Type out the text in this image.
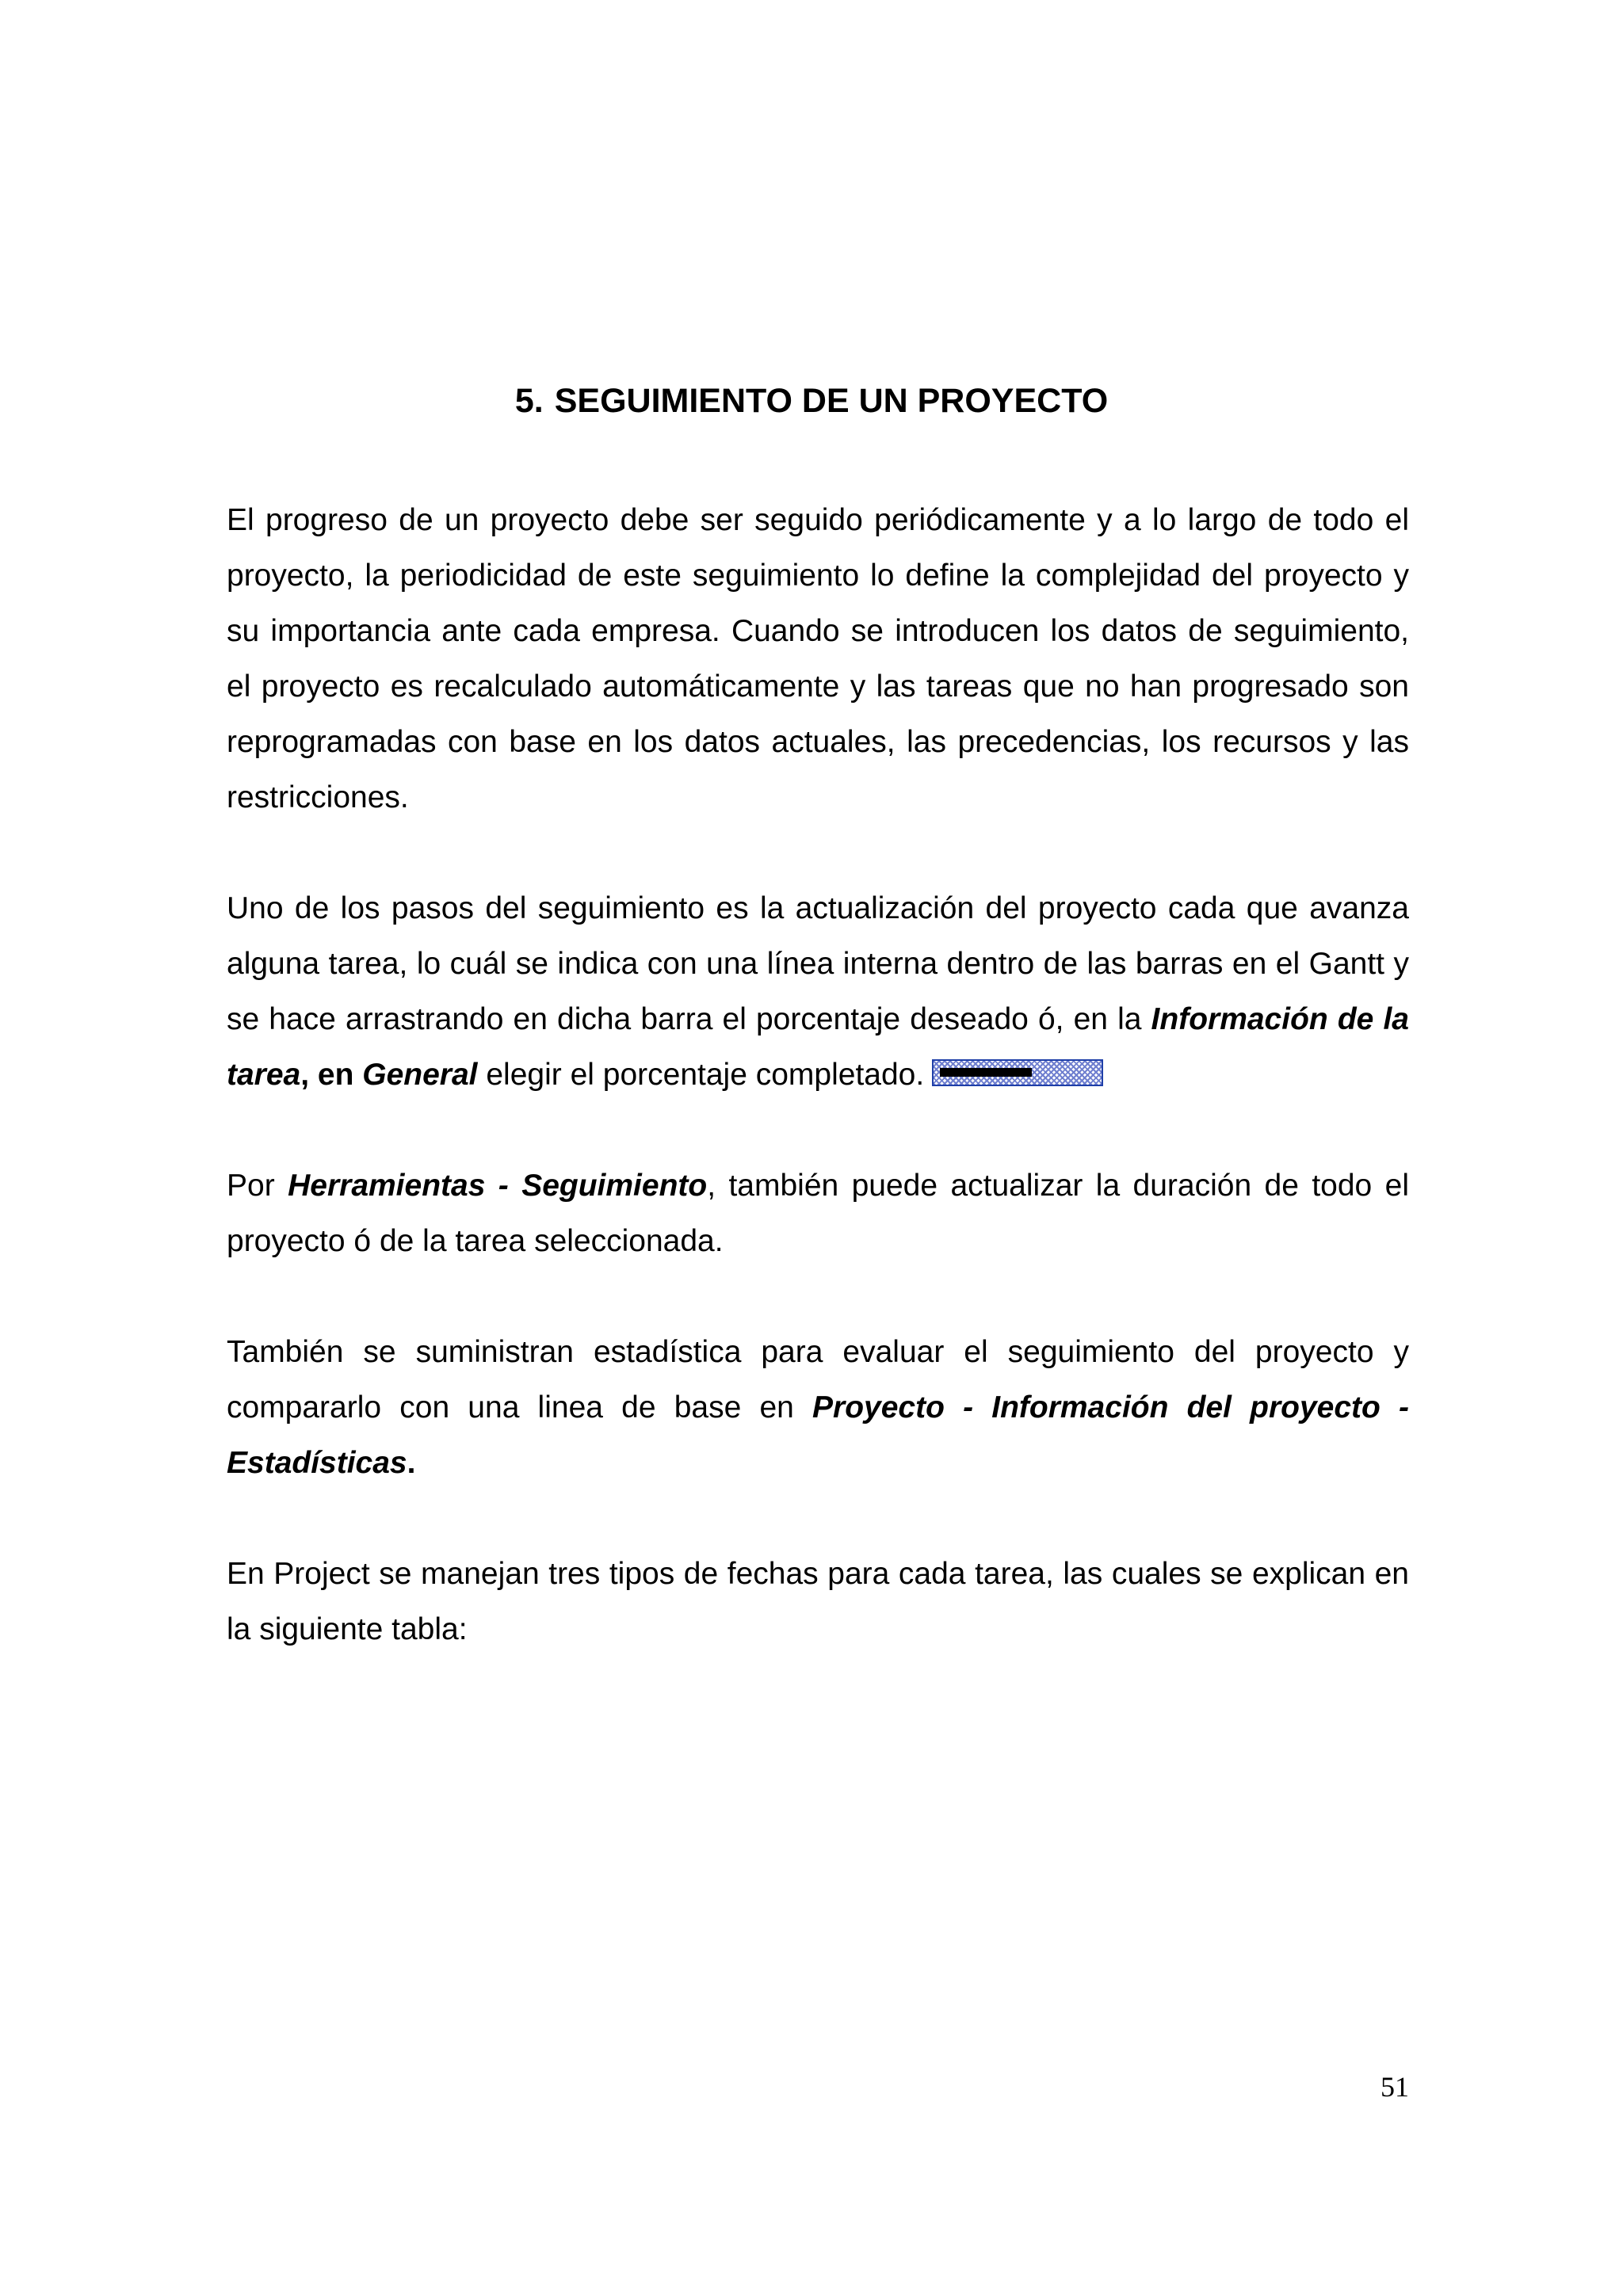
5. SEGUIMIENTO DE UN PROYECTO

El progreso de un proyecto debe ser seguido periódicamente y a lo largo de todo el proyecto, la periodicidad de este seguimiento lo define la complejidad del proyecto y su importancia ante cada empresa. Cuando se introducen los datos de seguimiento, el proyecto es recalculado automáticamente y las tareas que no han progresado son reprogramadas con base en los datos actuales, las precedencias, los recursos y las restricciones.

Uno de los pasos del seguimiento es la actualización del proyecto cada que avanza alguna tarea, lo cuál se indica con una línea interna dentro de las barras en el Gantt y se hace arrastrando en dicha barra el porcentaje deseado ó, en la Información de la tarea, en General elegir el porcentaje completado.

Por Herramientas - Seguimiento, también puede actualizar la duración de todo el proyecto ó de la tarea seleccionada.

También se suministran estadística para evaluar el seguimiento del proyecto y compararlo con una linea de base en Proyecto - Información del proyecto - Estadísticas.

En Project se manejan tres tipos de fechas para cada tarea, las cuales se explican en la siguiente tabla:

51
